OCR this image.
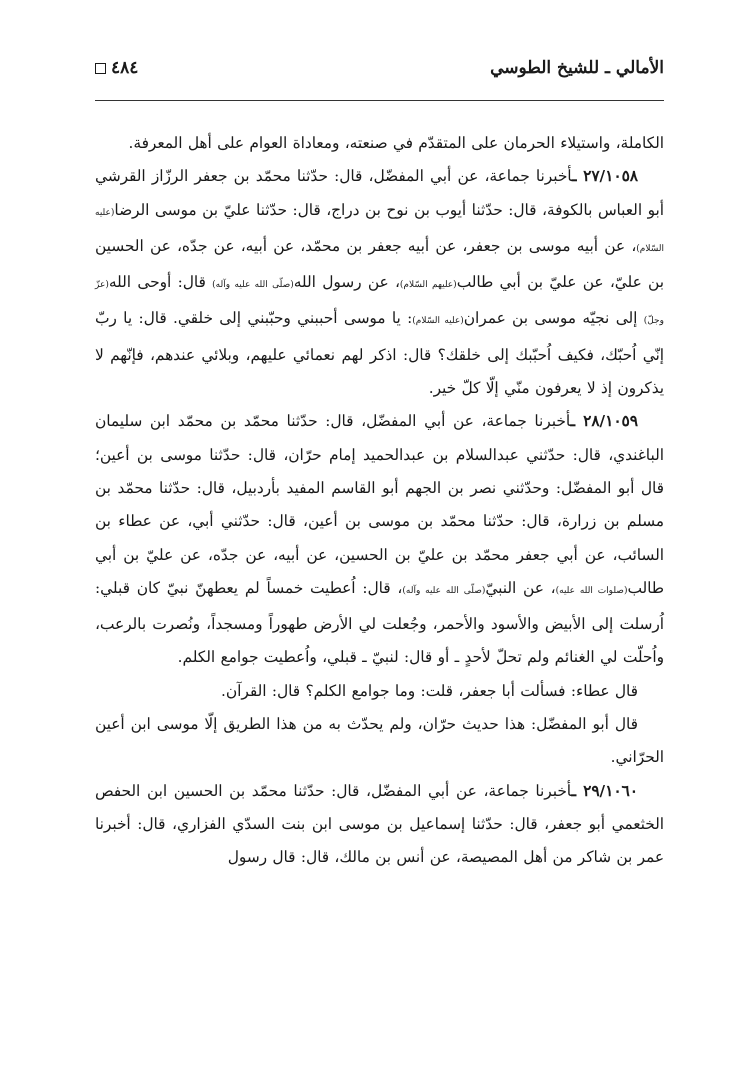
٤٨٤	الأمالي ـ للشيخ الطوسي

الكاملة، واستيلاء الحرمان على المتقدّم في صنعته، ومعاداة العوام على أهل المعرفة.

٢٧/١٠٥٨ ـأخبرنا جماعة، عن أبي المفضّل، قال: حدّثنا محمّد بن جعفر الرزّاز القرشي أبو العباس بالكوفة، قال: حدّثنا أيوب بن نوح بن دراج، قال: حدّثنا عليّ بن موسى الرضا(عليه السّلام)، عن أبيه موسى بن جعفر، عن أبيه جعفر بن محمّد، عن أبيه، عن جدّه، عن الحسين بن عليّ، عن عليّ بن أبي طالب(عليهم السّلام)، عن رسول الله(صلّى الله عليه وآله) قال: أوحى الله(عزّ وجلّ) إلى نجيّه موسى بن عمران(عليه السّلام): يا موسى أحببني وحبّبني إلى خلقي. قال: يا ربّ إنّي اُحبّك، فكيف اُحبّبك إلى خلقك؟ قال: اذكر لهم نعمائي عليهم، وبلائي عندهم، فإنّهم لا يذكرون إذ لا يعرفون منّي إلّا كلّ خير.

٢٨/١٠٥٩ ـأخبرنا جماعة، عن أبي المفضّل، قال: حدّثنا محمّد بن محمّد ابن سليمان الباغندي، قال: حدّثني عبدالسلام بن عبدالحميد إمام حرّان، قال: حدّثنا موسى بن أعين؛ قال أبو المفضّل: وحدّثني نصر بن الجهم أبو القاسم المفيد بأردبيل، قال: حدّثنا محمّد بن مسلم بن زرارة، قال: حدّثنا محمّد بن موسى بن أعين، قال: حدّثني أبي، عن عطاء بن السائب، عن أبي جعفر محمّد بن عليّ بن الحسين، عن أبيه، عن جدّه، عن عليّ بن أبي طالب(صلوات الله عليه)، عن النبيّ(صلّى الله عليه وآله)، قال: اُعطيت خمساً لم يعطهنّ نبيّ كان قبلي: اُرسلت إلى الأبيض والأسود والأحمر، وجُعلت لي الأرض طهوراً ومسجداً، ونُصرت بالرعب، واُحلّت لي الغنائم ولم تحلّ لأحدٍ ـ أو قال: لنبيّ ـ قبلي، واُعطيت جوامع الكلم.

قال عطاء: فسألت أبا جعفر، قلت: وما جوامع الكلم؟ قال: القرآن.

قال أبو المفضّل: هذا حديث حرّان، ولم يحدّث به من هذا الطريق إلّا موسى ابن أعين الحرّاني.

٢٩/١٠٦٠ ـأخبرنا جماعة، عن أبي المفضّل، قال: حدّثنا محمّد بن الحسين ابن الحفص الخثعمي أبو جعفر، قال: حدّثنا إسماعيل بن موسى ابن بنت السدّي الفزاري، قال: أخبرنا عمر بن شاكر من أهل المصيصة، عن أنس بن مالك، قال: قال رسول
